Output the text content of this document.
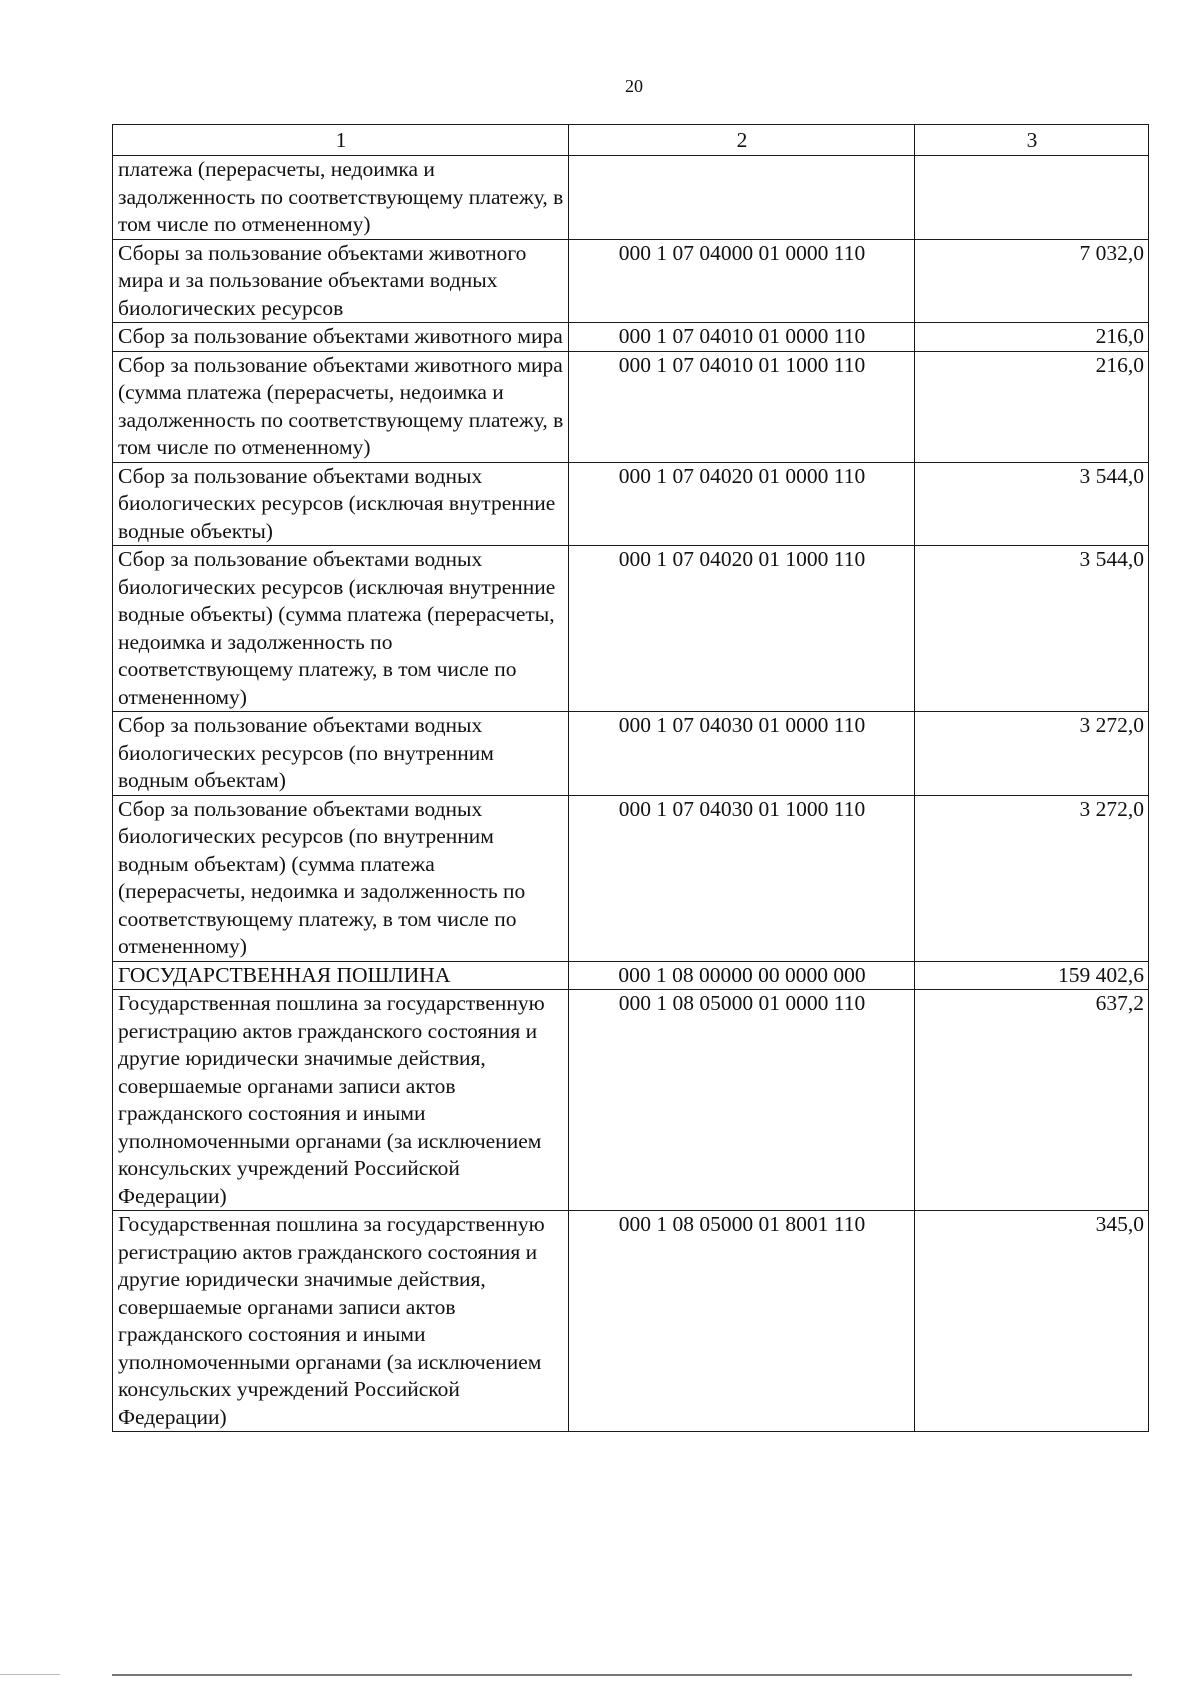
20
1	2	3
платежа (перерасчеты, недоимка и задолженность по соответствующему платежу, в том числе по отмененному)		
Сборы за пользование объектами животного мира и за пользование объектами водных биологических ресурсов	000 1 07 04000 01 0000 110	7 032,0
Сбор за пользование объектами животного мира	000 1 07 04010 01 0000 110	216,0
Сбор за пользование объектами животного мира (сумма платежа (перерасчеты, недоимка и задолженность по соответствующему платежу, в том числе по отмененному)	000 1 07 04010 01 1000 110	216,0
Сбор за пользование объектами водных биологических ресурсов (исключая внутренние водные объекты)	000 1 07 04020 01 0000 110	3 544,0
Сбор за пользование объектами водных биологических ресурсов (исключая внутренние водные объекты) (сумма платежа (перерасчеты, недоимка и задолженность по соответствующему платежу, в том числе по отмененному)	000 1 07 04020 01 1000 110	3 544,0
Сбор за пользование объектами водных биологических ресурсов (по внутренним водным объектам)	000 1 07 04030 01 0000 110	3 272,0
Сбор за пользование объектами водных биологических ресурсов (по внутренним водным объектам) (сумма платежа (перерасчеты, недоимка и задолженность по соответствующему платежу, в том числе по отмененному)	000 1 07 04030 01 1000 110	3 272,0
ГОСУДАРСТВЕННАЯ ПОШЛИНА	000 1 08 00000 00 0000 000	159 402,6
Государственная пошлина за государственную регистрацию актов гражданского состояния и другие юридически значимые действия, совершаемые органами записи актов гражданского состояния и иными уполномоченными органами (за исключением консульских учреждений Российской Федерации)	000 1 08 05000 01 0000 110	637,2
Государственная пошлина за государственную регистрацию актов гражданского состояния и другие юридически значимые действия, совершаемые органами записи актов гражданского состояния и иными уполномоченными органами (за исключением консульских учреждений Российской Федерации)	000 1 08 05000 01 8001 110	345,0
